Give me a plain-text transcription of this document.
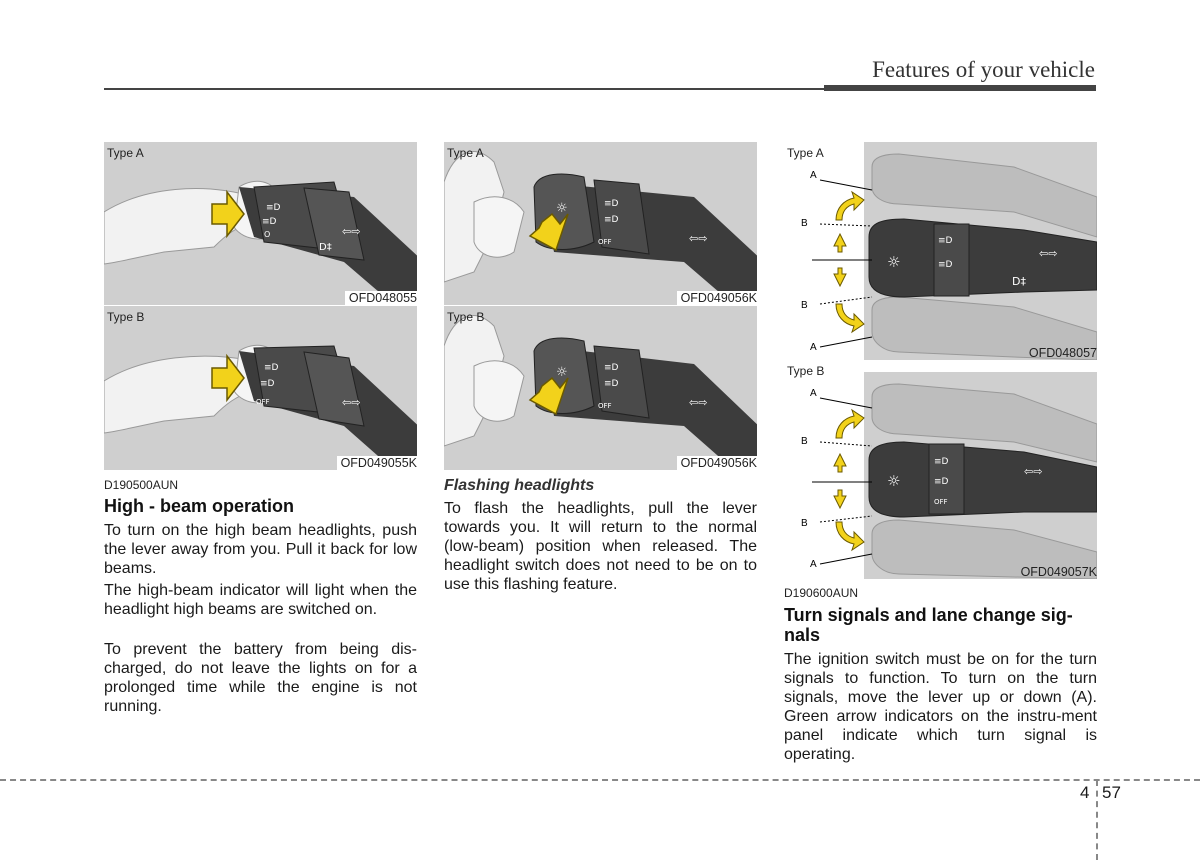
Features of your vehicle
≡D
≡D
O
D‡
⇦⇨
Type A
OFD048055
≡D
≡D
OFF	⇦⇨
Type B
OFD049055K
☼	≡D
≡D
OFF	⇦⇨
Type A
OFD049056K
☼	≡D
≡D
OFF	⇦⇨
Type B
OFD049056K
☼
≡D
≡D
D‡
⇦⇨
A
B
B
A
Type A
OFD048057
☼
≡D
≡D
OFF
⇦⇨
A
B
B
A
Type B
OFD049057K
D190500AUN
High - beam operation
To turn on the high beam headlights, push the lever away from you. Pull it back for low beams.
The high-beam indicator will light when the headlight high beams are switched on.
To prevent the battery from being dis-charged, do not leave the lights on for a prolonged time while the engine is not running.
Flashing headlights
To flash the headlights, pull the lever towards you. It will return to the normal (low-beam) position when released. The headlight switch does not need to be on to use this flashing feature.	D190600AUN
Turn signals and lane change sig-nals
The ignition switch must be on for the turn signals to function. To turn on the turn signals, move the lever up or down (A). Green arrow indicators on the instru-ment panel indicate which turn signal is operating.
4 57
